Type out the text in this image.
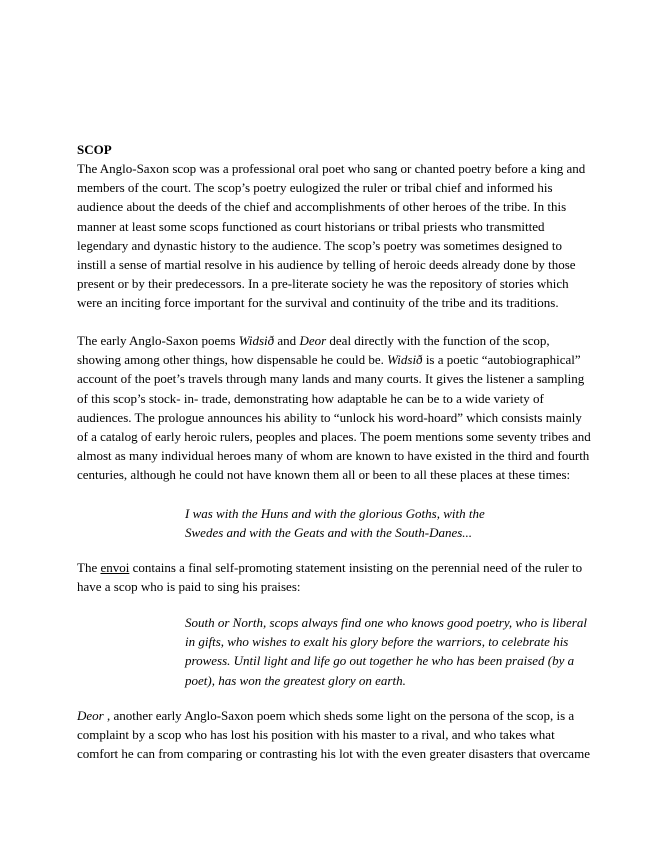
SCOP
The Anglo-Saxon scop was a professional oral poet who sang or chanted poetry before a king and
members of the court. The scop’s poetry eulogized the ruler or tribal chief and informed his
audience about the deeds of the chief and accomplishments of other heroes of the tribe. In this
manner at least some scops functioned as court historians or tribal priests who transmitted
legendary and dynastic history to the audience. The scop’s poetry was sometimes designed to
instill a sense of martial resolve in his audience by telling of heroic deeds already done by those
present or by their predecessors. In a pre-literate society he was the repository of stories which
were an inciting force important for the survival and continuity of the tribe and its traditions.
The early Anglo-Saxon poems Widsið and Deor deal directly with the function of the scop,
showing among other things, how dispensable he could be. Widsið is a poetic “autobiographical”
account of the poet’s travels through many lands and many courts. It gives the listener a sampling
of this scop’s stock- in- trade, demonstrating how adaptable he can be to a wide variety of
audiences. The prologue announces his ability to “unlock his word-hoard” which consists mainly
of a catalog of early heroic rulers, peoples and places. The poem mentions some seventy tribes and
almost as many individual heroes many of whom are known to have existed in the third and fourth
centuries, although he could not have known them all or been to all these places at these times:
I was with the Huns and with the glorious Goths, with the
Swedes and with the Geats and with the South-Danes...
The envoi contains a final self-promoting statement insisting on the perennial need of the ruler to
have a scop who is paid to sing his praises:
South or North, scops always find one who knows good poetry, who is liberal
in gifts, who wishes to exalt his glory before the warriors, to celebrate his
prowess. Until light and life go out together he who has been praised (by a
poet), has won the greatest glory on earth.
Deor , another early Anglo-Saxon poem which sheds some light on the persona of the scop, is a
complaint by a scop who has lost his position with his master to a rival, and who takes what
comfort he can from comparing or contrasting his lot with the even greater disasters that overcame
